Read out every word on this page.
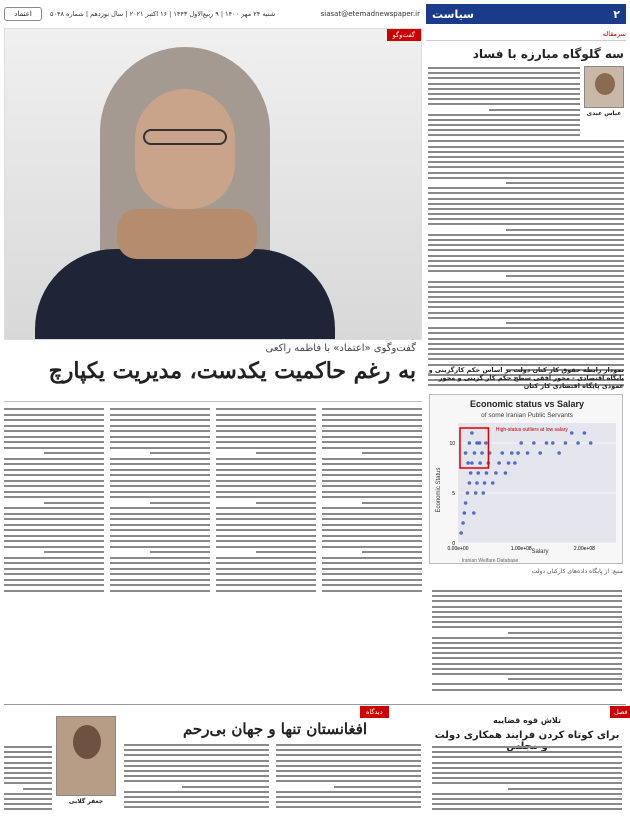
اعتماد	شنبه ۲۴ مهر ۱۴۰۰ | ۹ ربیع‌الاول ۱۴۴۳ | ۱۶ اکتبر ۲۰۲۱ | سال نوزدهم | شماره ۵۰۴۸	siasat@etemadnewspaper.ir سیاست	۲
گفت‌وگو
گفت‌وگوی «اعتماد» با فاطمه راکعی
به رغم حاکمیت یکدست، مدیریت یکپارچ
سرمقاله
سه گلوگاه مبارزه با فساد
عباس عبدی
نمودار رابطه حقوق کار کنان دولت بر اساس حکم کارگزینی و بایگاه اقتصادی - محور افقی سطح حکم کار گزینی و محور عمودی پایگاه اقتصادی کار کنان
Economic status vs Salary
of some Iranian Public Servants
Economic Status
Salary
Iranian Welfare Database
0.00e+00	1.00e+08	2.00e+08
0
5
10
High-status outliers at low salary
منبع: از پایگاه داده‌های کارکنان دولت
دیدگاه	فصل
افغانستان تنها و جهان بی‌رحم
جعفر گلابی
تلاش قوه قضاییه
برای کوتاه کردن فرایند همکاری دولت
